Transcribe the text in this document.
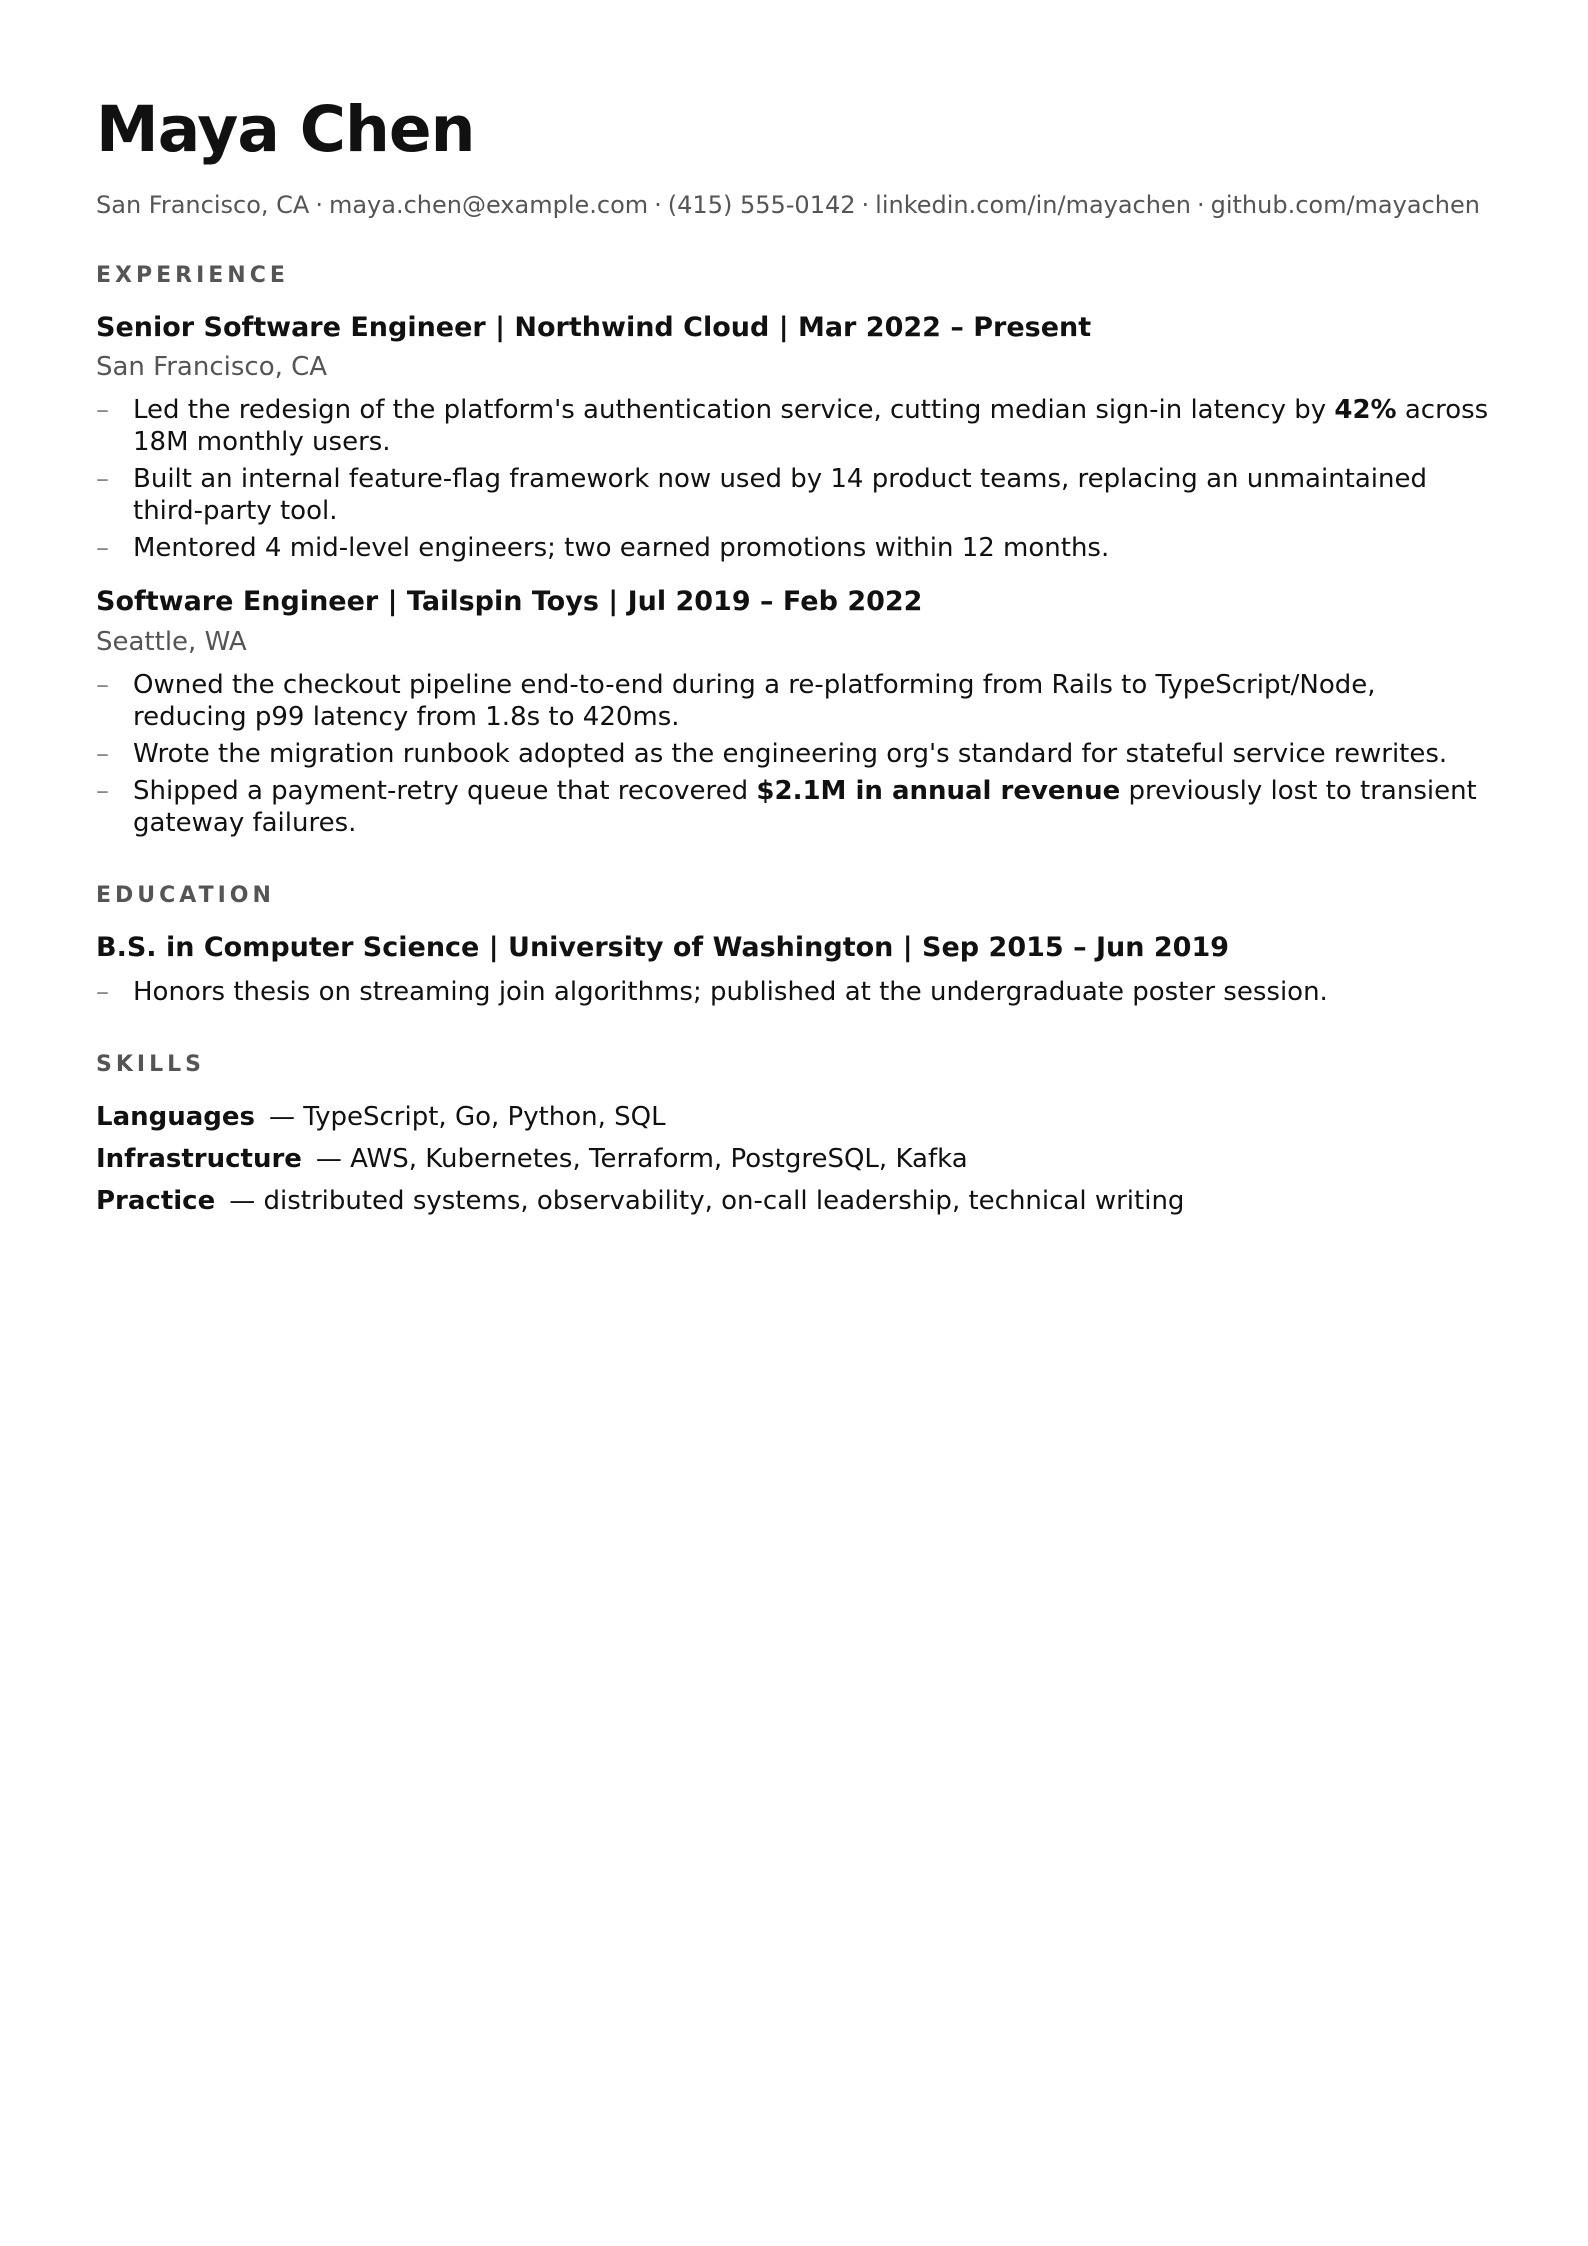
Maya Chen
San Francisco, CA · maya.chen@example.com · (415) 555-0142 · linkedin.com/in/mayachen · github.com/mayachen
EXPERIENCE
Senior Software Engineer | Northwind Cloud | Mar 2022 – Present
San Francisco, CA
– Led the redesign of the platform's authentication service, cutting median sign-in latency by 42% across 18M monthly users.
– Built an internal feature-flag framework now used by 14 product teams, replacing an unmaintained third-party tool.
– Mentored 4 mid-level engineers; two earned promotions within 12 months.
Software Engineer | Tailspin Toys | Jul 2019 – Feb 2022
Seattle, WA
– Owned the checkout pipeline end-to-end during a re-platforming from Rails to TypeScript/Node, reducing p99 latency from 1.8s to 420ms.
– Wrote the migration runbook adopted as the engineering org's standard for stateful service rewrites.
– Shipped a payment-retry queue that recovered $2.1M in annual revenue previously lost to transient gateway failures.
EDUCATION
B.S. in Computer Science | University of Washington | Sep 2015 – Jun 2019
– Honors thesis on streaming join algorithms; published at the undergraduate poster session.
SKILLS
Languages — TypeScript, Go, Python, SQL
Infrastructure — AWS, Kubernetes, Terraform, PostgreSQL, Kafka
Practice — distributed systems, observability, on-call leadership, technical writing
